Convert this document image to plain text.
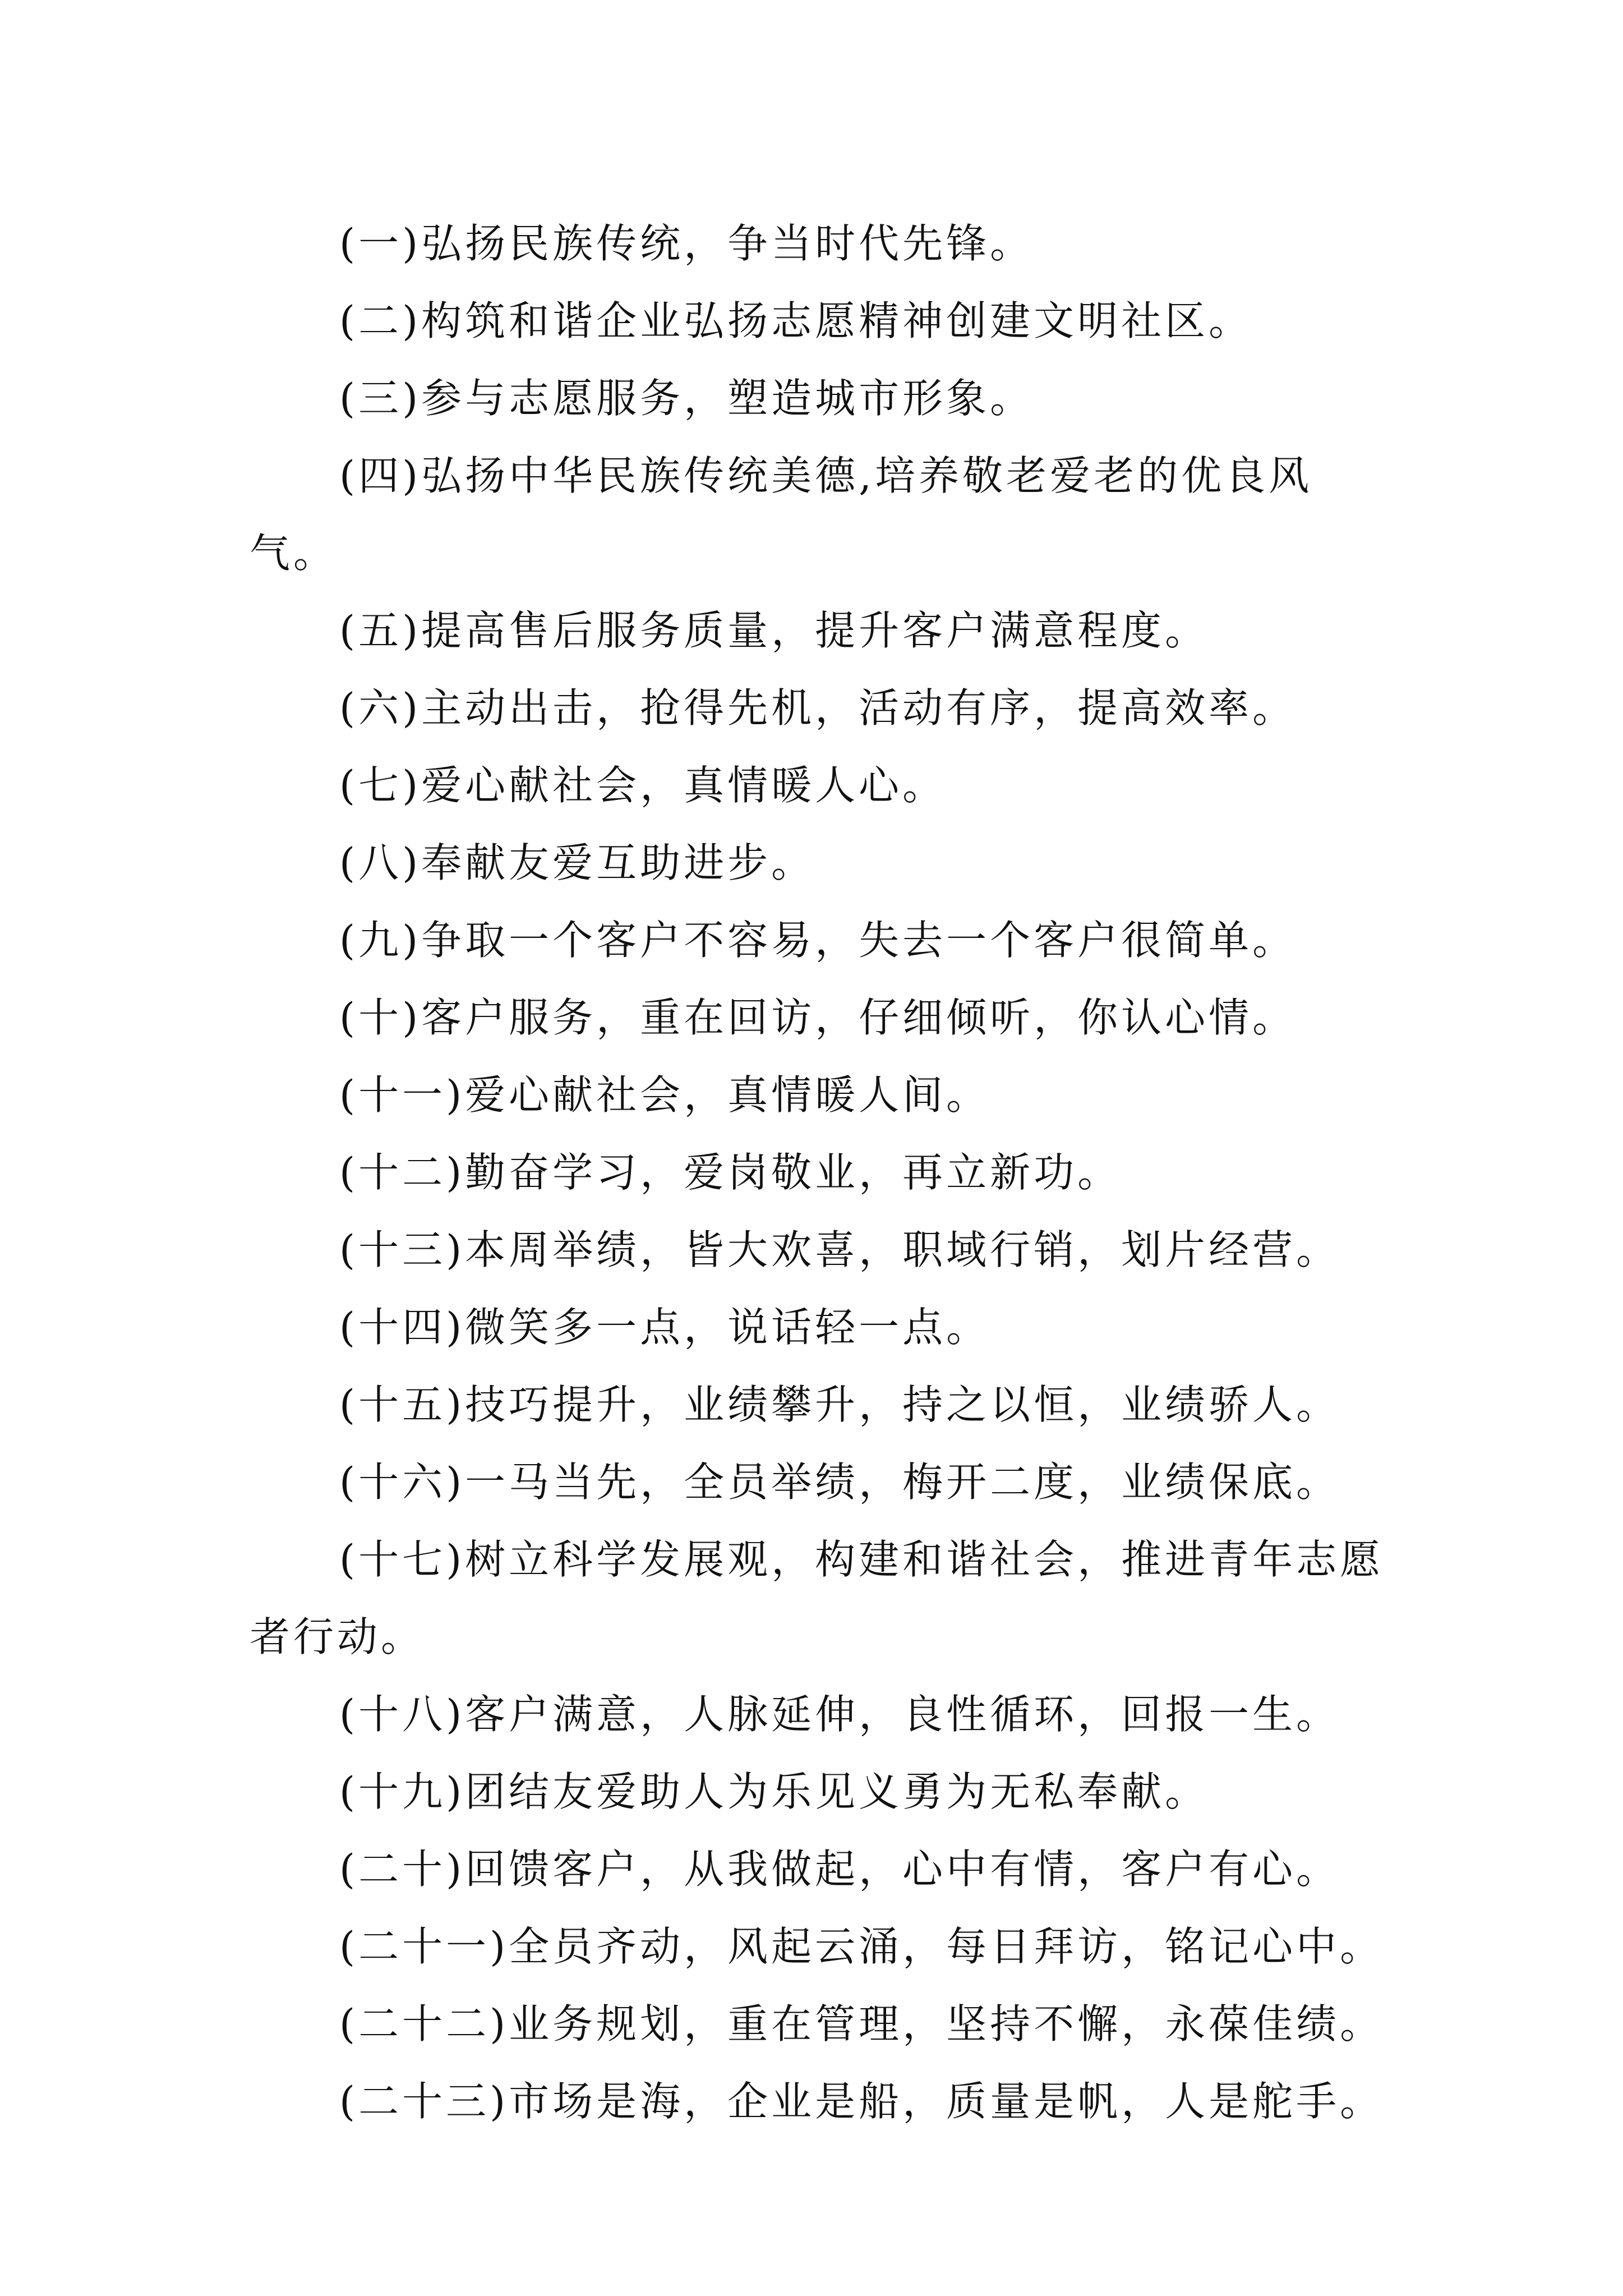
(一)弘扬民族传统，争当时代先锋。

(二)构筑和谐企业弘扬志愿精神创建文明社区。

(三)参与志愿服务，塑造城市形象。

(四)弘扬中华民族传统美德,培养敬老爱老的优良风气。

(五)提高售后服务质量，提升客户满意程度。

(六)主动出击，抢得先机，活动有序，提高效率。

(七)爱心献社会，真情暖人心。

(八)奉献友爱互助进步。

(九)争取一个客户不容易，失去一个客户很简单。

(十)客户服务，重在回访，仔细倾听，你认心情。

(十一)爱心献社会，真情暖人间。

(十二)勤奋学习，爱岗敬业，再立新功。

(十三)本周举绩，皆大欢喜，职域行销，划片经营。

(十四)微笑多一点，说话轻一点。

(十五)技巧提升，业绩攀升，持之以恒，业绩骄人。

(十六)一马当先，全员举绩，梅开二度，业绩保底。

(十七)树立科学发展观，构建和谐社会，推进青年志愿者行动。

(十八)客户满意，人脉延伸，良性循环，回报一生。

(十九)团结友爱助人为乐见义勇为无私奉献。

(二十)回馈客户，从我做起，心中有情，客户有心。

(二十一)全员齐动，风起云涌，每日拜访，铭记心中。

(二十二)业务规划，重在管理，坚持不懈，永葆佳绩。

(二十三)市场是海，企业是船，质量是帆，人是舵手。
